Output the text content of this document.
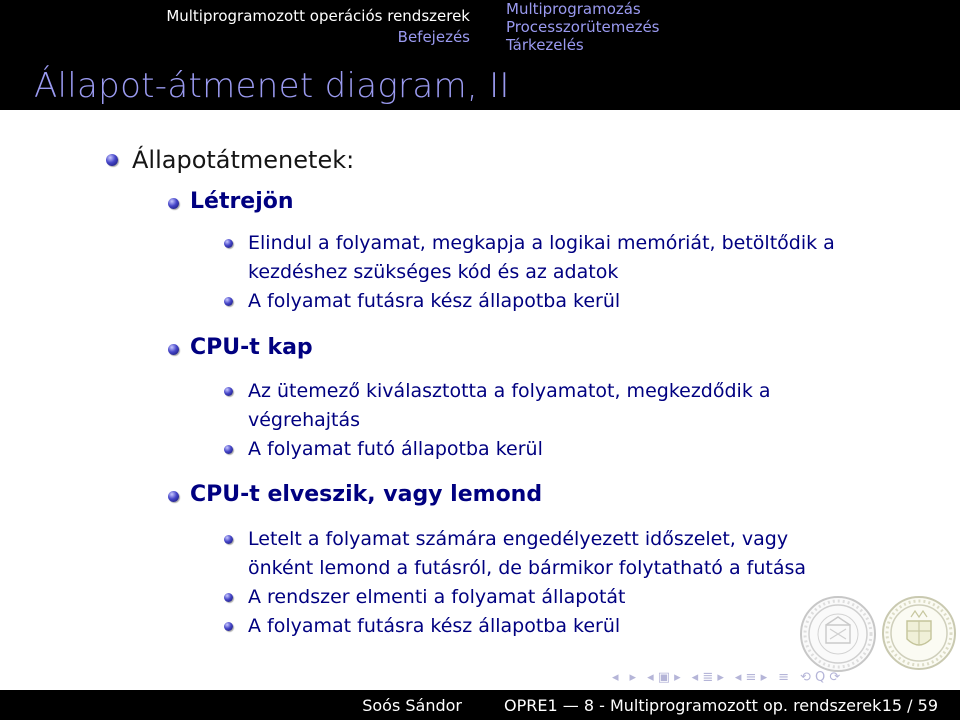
Multiprogramozott operációs rendszerek
Befejezés
Multiprogramozás
Processzorütemezés
Tárkezelés
Állapot-átmenet diagram, II
Állapotátmenetek:
Létrejön
Elindul a folyamat, megkapja a logikai memóriát, betöltődik a
kezdéshez szükséges kód és az adatok
A folyamat futásra kész állapotba kerül
CPU-t kap
Az ütemező kiválasztotta a folyamatot, megkezdődik a
végrehajtás
A folyamat futó állapotba kerül
CPU-t elveszik, vagy lemond
Letelt a folyamat számára engedélyezett időszelet, vagy
önként lemond a futásról, de bármikor folytatható a futása
A rendszer elmenti a folyamat állapotát
A folyamat futásra kész állapotba kerül
◂ ▸ ◂ ▣ ▸ ◂ ≣ ▸ ◂ ≡ ▸ ≡ ⟲ Q ⟳
Soós Sándor	OPRE1 — 8 - Multiprogramozott op. rendszerek 15 / 59
